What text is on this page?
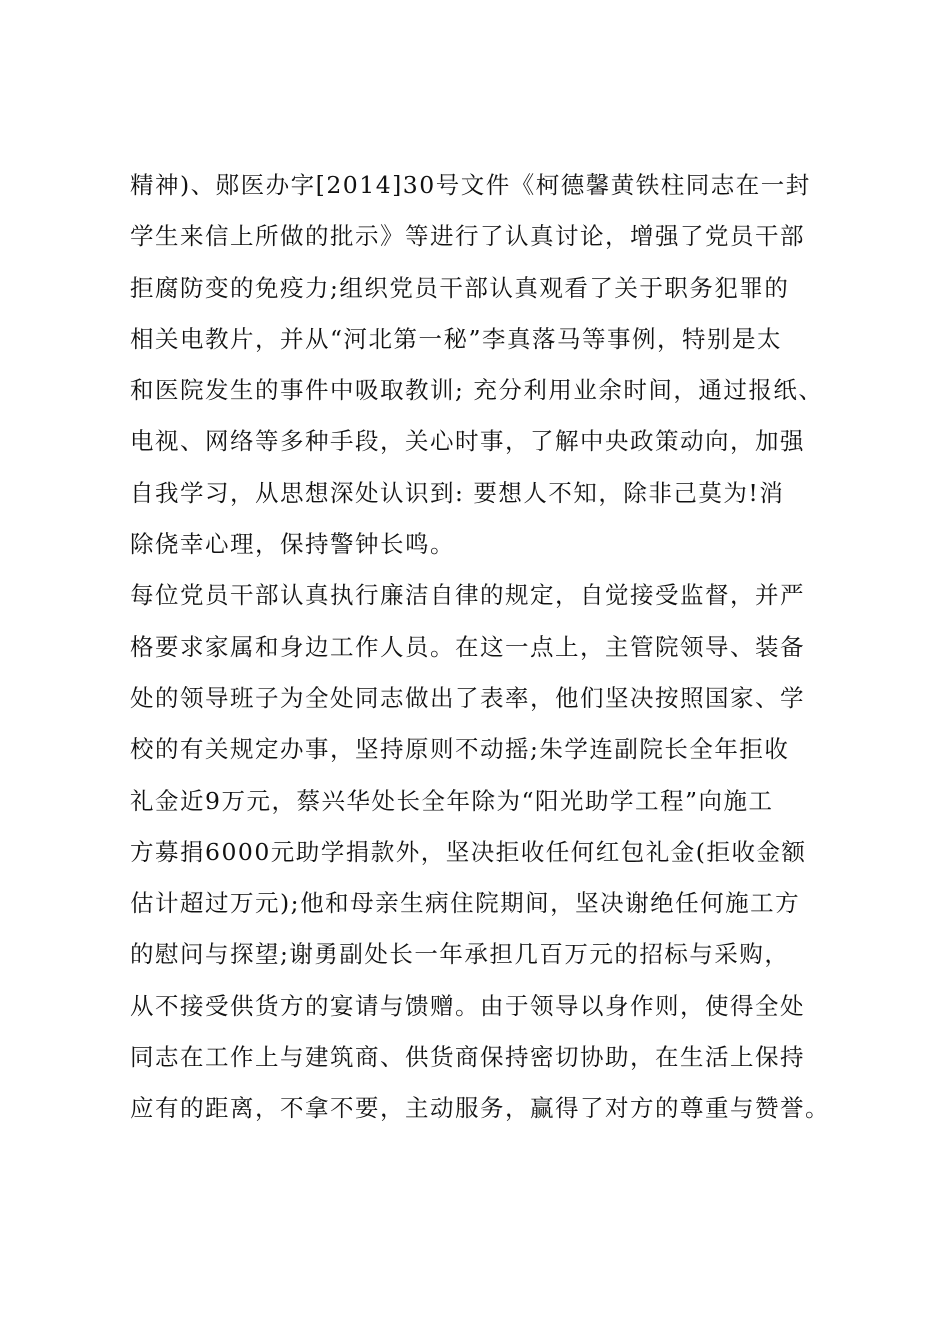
精神)、郧医办字[2014]30号文件《柯德馨黄铁柱同志在一封
学生来信上所做的批示》等进行了认真讨论，增强了党员干部
拒腐防变的免疫力;组织党员干部认真观看了关于职务犯罪的
相关电教片，并从“河北第一秘”李真落马等事例，特别是太
和医院发生的事件中吸取教训; 充分利用业余时间，通过报纸、
电视、网络等多种手段，关心时事，了解中央政策动向，加强
自我学习，从思想深处认识到: 要想人不知，除非己莫为!消
除侥幸心理，保持警钟长鸣。
每位党员干部认真执行廉洁自律的规定，自觉接受监督，并严
格要求家属和身边工作人员。在这一点上，主管院领导、装备
处的领导班子为全处同志做出了表率，他们坚决按照国家、学
校的有关规定办事，坚持原则不动摇;朱学连副院长全年拒收
礼金近9万元，蔡兴华处长全年除为“阳光助学工程”向施工
方募捐6000元助学捐款外，坚决拒收任何红包礼金(拒收金额
估计超过万元);他和母亲生病住院期间，坚决谢绝任何施工方
的慰问与探望;谢勇副处长一年承担几百万元的招标与采购，
从不接受供货方的宴请与馈赠。由于领导以身作则，使得全处
同志在工作上与建筑商、供货商保持密切协助，在生活上保持
应有的距离，不拿不要，主动服务，赢得了对方的尊重与赞誉。
